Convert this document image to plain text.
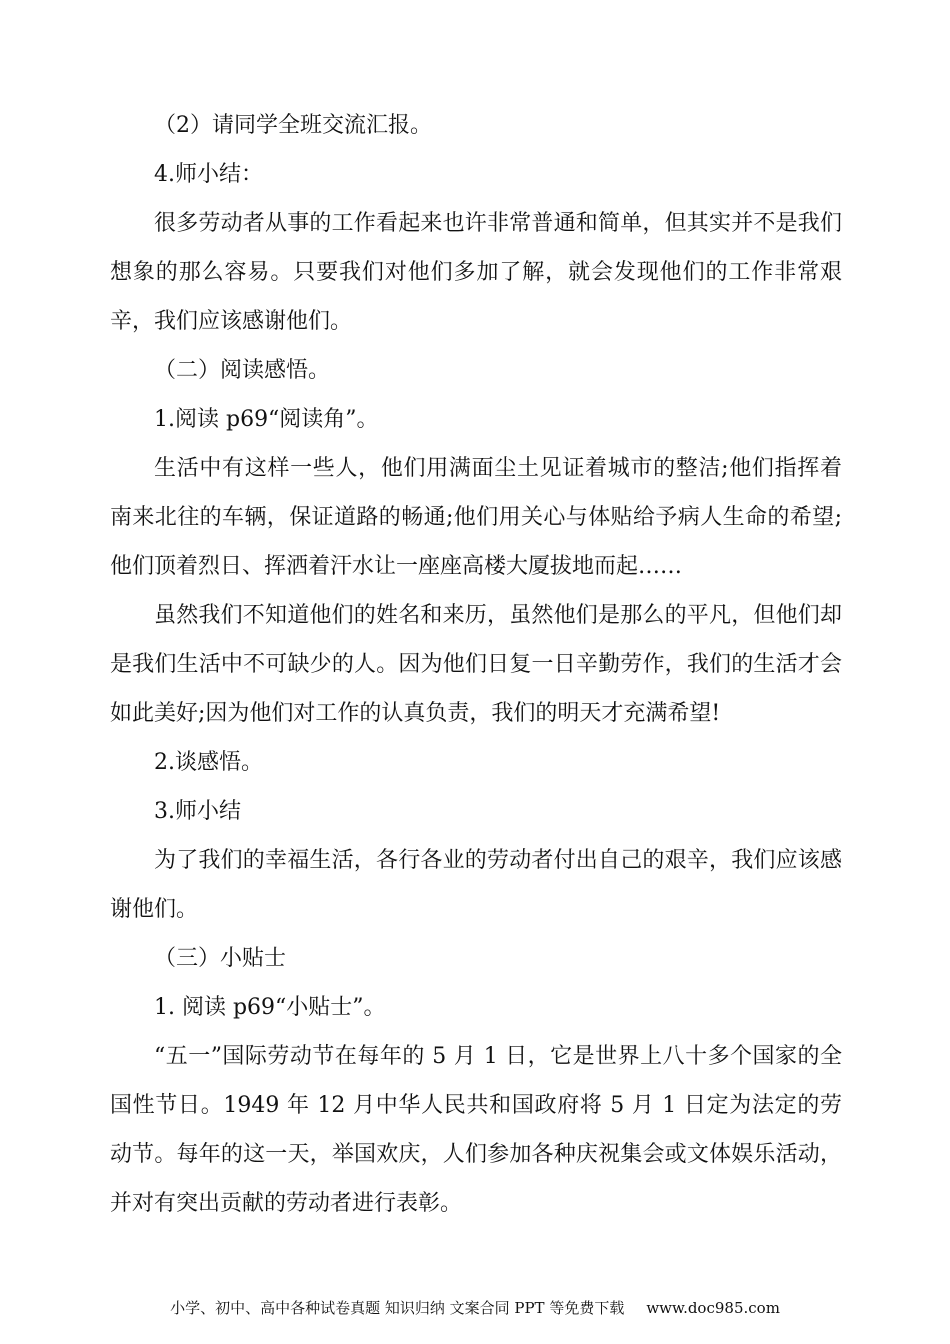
（2）请同学全班交流汇报。

4.师小结：

很多劳动者从事的工作看起来也许非常普通和简单，但其实并不是我们想象的那么容易。只要我们对他们多加了解，就会发现他们的工作非常艰辛，我们应该感谢他们。

（二）阅读感悟。

1.阅读 p69“阅读角”。

生活中有这样一些人，他们用满面尘土见证着城市的整洁;他们指挥着南来北往的车辆，保证道路的畅通;他们用关心与体贴给予病人生命的希望;他们顶着烈日、挥洒着汗水让一座座高楼大厦拔地而起……

虽然我们不知道他们的姓名和来历，虽然他们是那么的平凡，但他们却是我们生活中不可缺少的人。因为他们日复一日辛勤劳作，我们的生活才会如此美好;因为他们对工作的认真负责，我们的明天才充满希望!

2.谈感悟。

3.师小结

为了我们的幸福生活，各行各业的劳动者付出自己的艰辛，我们应该感谢他们。

（三）小贴士

1. 阅读 p69“小贴士”。

“五一”国际劳动节在每年的 5 月 1 日，它是世界上八十多个国家的全国性节日。1949 年 12 月中华人民共和国政府将 5 月 1 日定为法定的劳动节。每年的这一天，举国欢庆，人们参加各种庆祝集会或文体娱乐活动，并对有突出贡献的劳动者进行表彰。

小学、初中、高中各种试卷真题 知识归纳 文案合同 PPT 等免费下载 www.doc985.com
